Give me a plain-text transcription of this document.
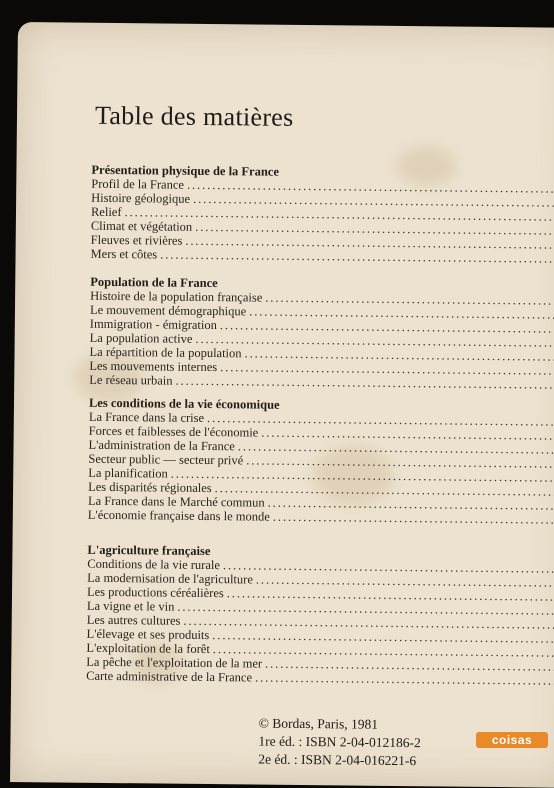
Table des matières
Présentation physique de la France
Profil de la France
. . .
Histoire géologique
. . .
Relief
. . .
Climat et végétation
. . .
Fleuves et rivières
. . .
Mers et côtes
. . .
Population de la France
Histoire de la population française
. . .
Le mouvement démographique
. . .
Immigration - émigration
. . .
La population active
. . .
La répartition de la population
. . .
Les mouvements internes
. . .
Le réseau urbain
. . .
Les conditions de la vie économique
La France dans la crise
. . .
Forces et faiblesses de l'économie
. . .
L'administration de la France
. . .
Secteur public — secteur privé
. . .
La planification
. . .
Les disparités régionales
. . .
La France dans le Marché commun
. . .
L'économie française dans le monde
. . .
L'agriculture française
Conditions de la vie rurale
. . .
La modernisation de l'agriculture
. . .
Les productions céréalières
. . .
La vigne et le vin
. . .
Les autres cultures
. . .
L'élevage et ses produits
. . .
L'exploitation de la forêt
. . .
La pêche et l'exploitation de la mer
. . .
Carte administrative de la France
. . .
© Bordas, Paris, 1981
1re éd. : ISBN 2-04-012186-2
2e éd. : ISBN 2-04-016221-6
coisas
